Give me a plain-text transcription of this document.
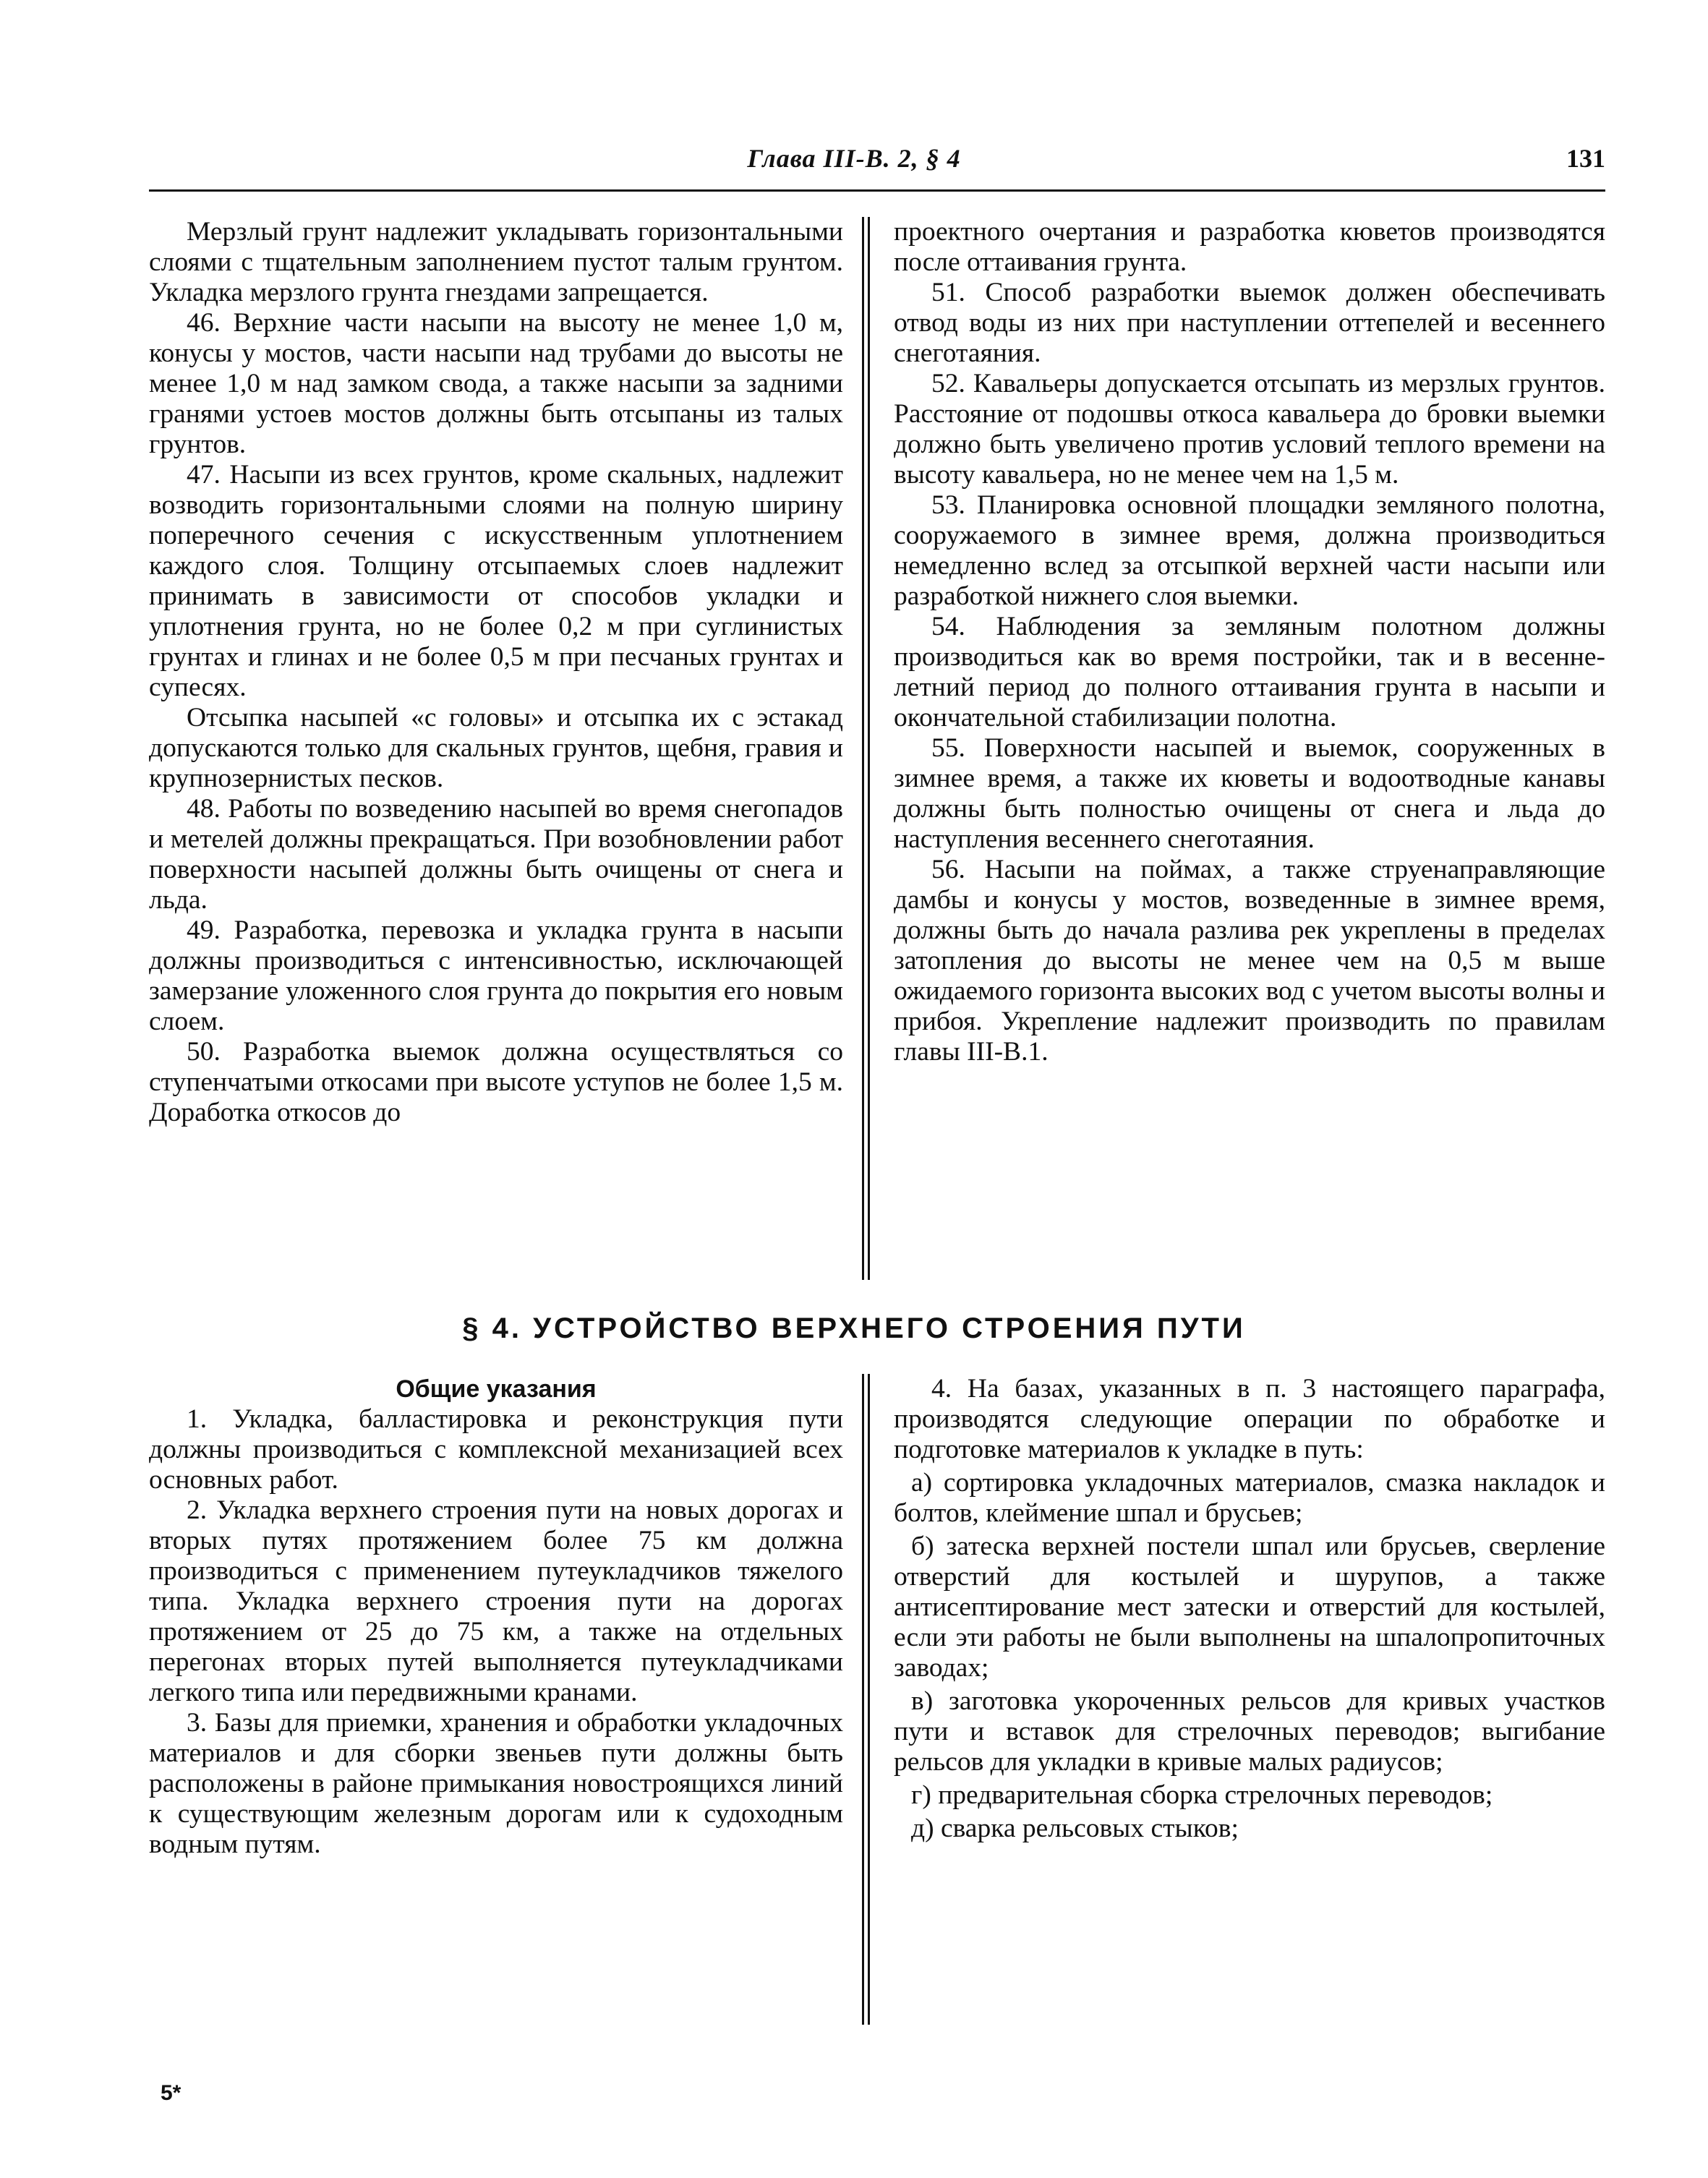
Глава III-В. 2, § 4	131

Мерзлый грунт надлежит укладывать горизонтальными слоями с тщательным заполнением пустот талым грунтом. Укладка мерзлого грунта гнездами запрещается.

46. Верхние части насыпи на высоту не менее 1,0 м, конусы у мостов, части насыпи над трубами до высоты не менее 1,0 м над замком свода, а также насыпи за задними гранями устоев мостов должны быть отсыпаны из талых грунтов.

47. Насыпи из всех грунтов, кроме скальных, надлежит возводить горизонтальными слоями на полную ширину поперечного сечения с искусственным уплотнением каждого слоя. Толщину отсыпаемых слоев надлежит принимать в зависимости от способов укладки и уплотнения грунта, но не более 0,2 м при суглинистых грунтах и глинах и не более 0,5 м при песчаных грунтах и супесях.

Отсыпка насыпей «с головы» и отсыпка их с эстакад допускаются только для скальных грунтов, щебня, гравия и крупнозернистых песков.

48. Работы по возведению насыпей во время снегопадов и метелей должны прекращаться. При возобновлении работ поверхности насыпей должны быть очищены от снега и льда.

49. Разработка, перевозка и укладка грунта в насыпи должны производиться с интенсивностью, исключающей замерзание уложенного слоя грунта до покрытия его новым слоем.

50. Разработка выемок должна осуществляться со ступенчатыми откосами при высоте уступов не более 1,5 м. Доработка откосов до

проектного очертания и разработка кюветов производятся после оттаивания грунта.

51. Способ разработки выемок должен обеспечивать отвод воды из них при наступлении оттепелей и весеннего снеготаяния.

52. Кавальеры допускается отсыпать из мерзлых грунтов. Расстояние от подошвы откоса кавальера до бровки выемки должно быть увеличено против условий теплого времени на высоту кавальера, но не менее чем на 1,5 м.

53. Планировка основной площадки земляного полотна, сооружаемого в зимнее время, должна производиться немедленно вслед за отсыпкой верхней части насыпи или разработкой нижнего слоя выемки.

54. Наблюдения за земляным полотном должны производиться как во время постройки, так и в весенне-летний период до полного оттаивания грунта в насыпи и окончательной стабилизации полотна.

55. Поверхности насыпей и выемок, сооруженных в зимнее время, а также их кюветы и водоотводные канавы должны быть полностью очищены от снега и льда до наступления весеннего снеготаяния.

56. Насыпи на поймах, а также струенаправляющие дамбы и конусы у мостов, возведенные в зимнее время, должны быть до начала разлива рек укреплены в пределах затопления до высоты не менее чем на 0,5 м выше ожидаемого горизонта высоких вод с учетом высоты волны и прибоя. Укрепление надлежит производить по правилам главы III-В.1.

§ 4. УСТРОЙСТВО ВЕРХНЕГО СТРОЕНИЯ ПУТИ

Общие указания

1. Укладка, балластировка и реконструкция пути должны производиться с комплексной механизацией всех основных работ.

2. Укладка верхнего строения пути на новых дорогах и вторых путях протяжением более 75 км должна производиться с применением путеукладчиков тяжелого типа. Укладка верхнего строения пути на дорогах протяжением от 25 до 75 км, а также на отдельных перегонах вторых путей выполняется путеукладчиками легкого типа или передвижными кранами.

3. Базы для приемки, хранения и обработки укладочных материалов и для сборки звеньев пути должны быть расположены в районе примыкания новостроящихся линий к существующим железным дорогам или к судоходным водным путям.

4. На базах, указанных в п. 3 настоящего параграфа, производятся следующие операции по обработке и подготовке материалов к укладке в путь:

а) сортировка укладочных материалов, смазка накладок и болтов, клеймение шпал и брусьев;

б) затеска верхней постели шпал или брусьев, сверление отверстий для костылей и шурупов, а также антисептирование мест затески и отверстий для костылей, если эти работы не были выполнены на шпалопропиточных заводах;

в) заготовка укороченных рельсов для кривых участков пути и вставок для стрелочных переводов; выгибание рельсов для укладки в кривые малых радиусов;

г) предварительная сборка стрелочных переводов;

д) сварка рельсовых стыков;

5*
